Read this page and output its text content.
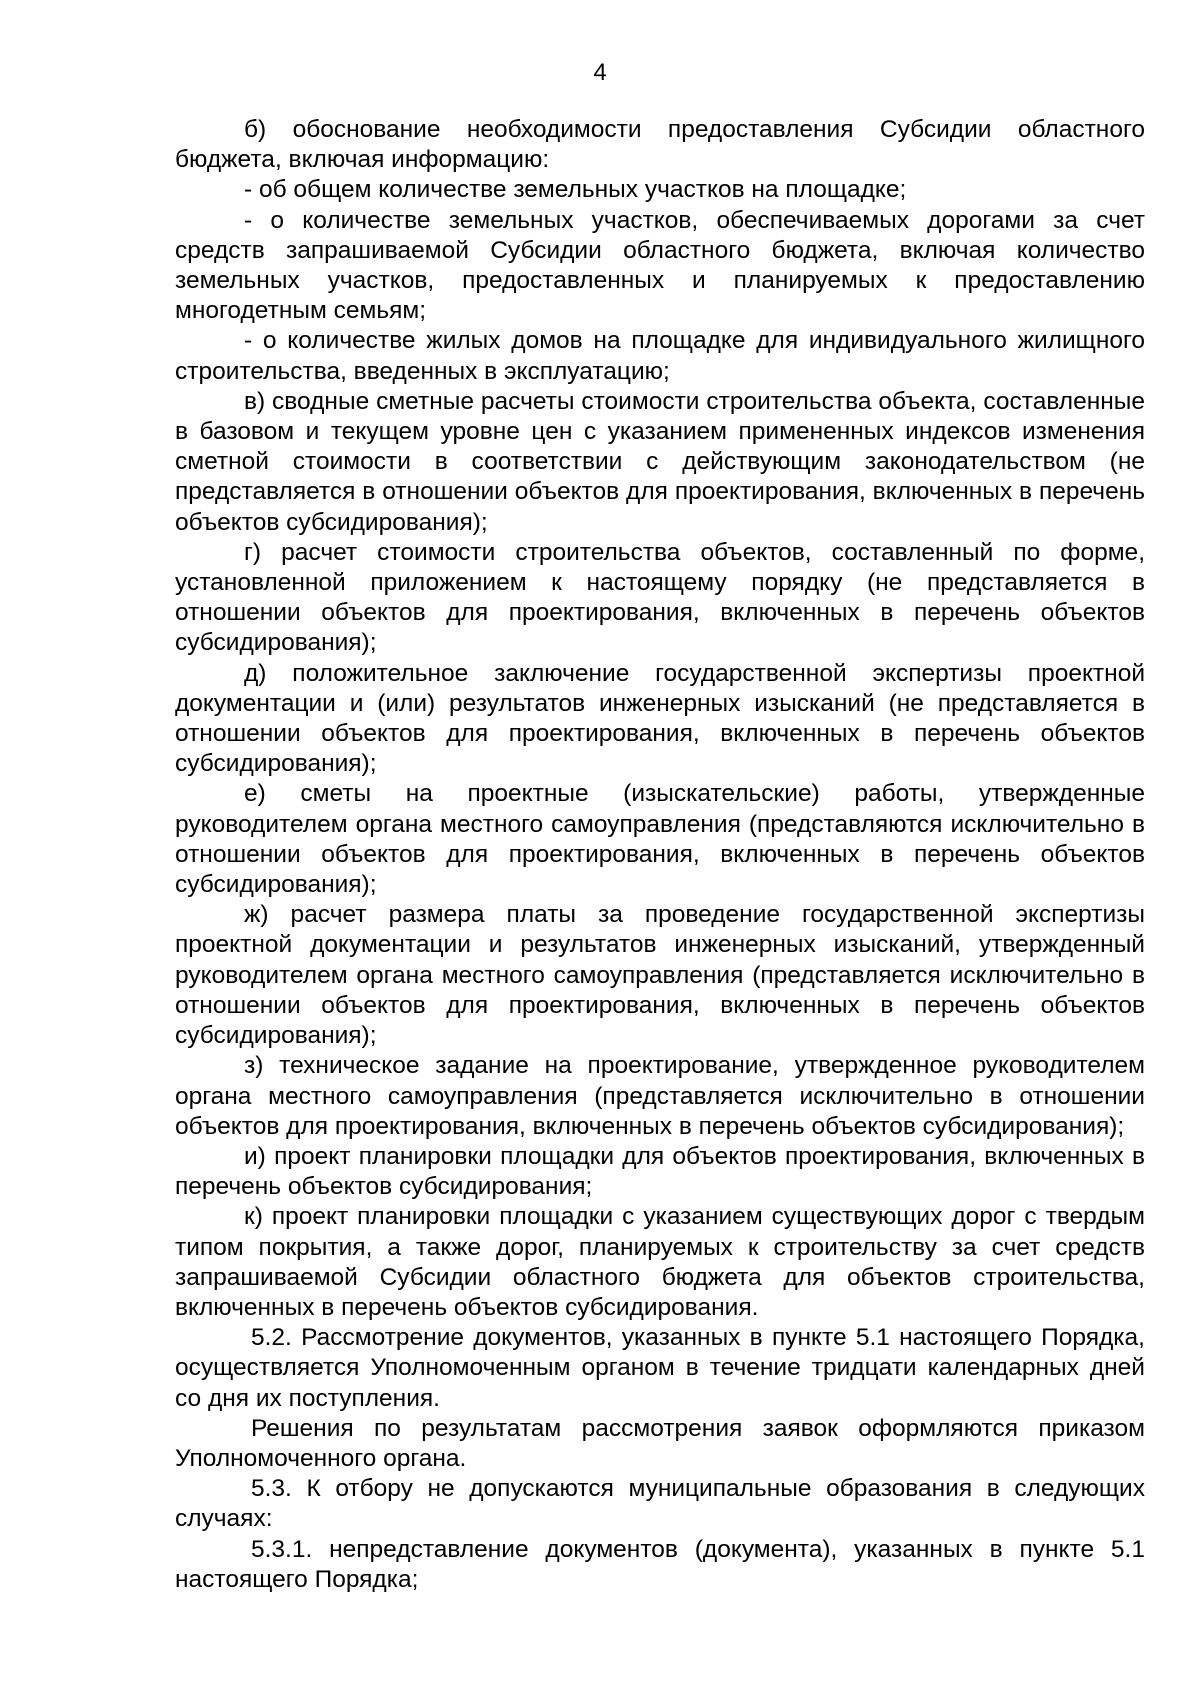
4

б) обоснование необходимости предоставления Субсидии областного бюджета, включая информацию:

- об общем количестве земельных участков на площадке;

- о количестве земельных участков, обеспечиваемых дорогами за счет средств запрашиваемой Субсидии областного бюджета, включая количество земельных участков, предоставленных и планируемых к предоставлению многодетным семьям;

- о количестве жилых домов на площадке для индивидуального жилищного строительства, введенных в эксплуатацию;

в) сводные сметные расчеты стоимости строительства объекта, составленные в базовом и текущем уровне цен с указанием примененных индексов изменения сметной стоимости в соответствии с действующим законодательством (не представляется в отношении объектов для проектирования, включенных в перечень объектов субсидирования);

г) расчет стоимости строительства объектов, составленный по форме, установленной приложением к настоящему порядку (не представляется в отношении объектов для проектирования, включенных в перечень объектов субсидирования);

д) положительное заключение государственной экспертизы проектной документации и (или) результатов инженерных изысканий (не представляется в отношении объектов для проектирования, включенных в перечень объектов субсидирования);

е) сметы на проектные (изыскательские) работы, утвержденные руководителем органа местного самоуправления (представляются исключительно в отношении объектов для проектирования, включенных в перечень объектов субсидирования);

ж) расчет размера платы за проведение государственной экспертизы проектной документации и результатов инженерных изысканий, утвержденный руководителем органа местного самоуправления (представляется исключительно в отношении объектов для проектирования, включенных в перечень объектов субсидирования);

з) техническое задание на проектирование, утвержденное руководителем органа местного самоуправления (представляется исключительно в отношении объектов для проектирования, включенных в перечень объектов субсидирования);

и) проект планировки площадки для объектов проектирования, включенных в перечень объектов субсидирования;

к) проект планировки площадки с указанием существующих дорог с твердым типом покрытия, а также дорог, планируемых к строительству за счет средств запрашиваемой Субсидии областного бюджета для объектов строительства, включенных в перечень объектов субсидирования.

5.2. Рассмотрение документов, указанных в пункте 5.1 настоящего Порядка, осуществляется Уполномоченным органом в течение тридцати календарных дней со дня их поступления.

Решения по результатам рассмотрения заявок оформляются приказом Уполномоченного органа.

5.3. К отбору не допускаются муниципальные образования в следующих случаях:

5.3.1. непредставление документов (документа), указанных в пункте 5.1 настоящего Порядка;
